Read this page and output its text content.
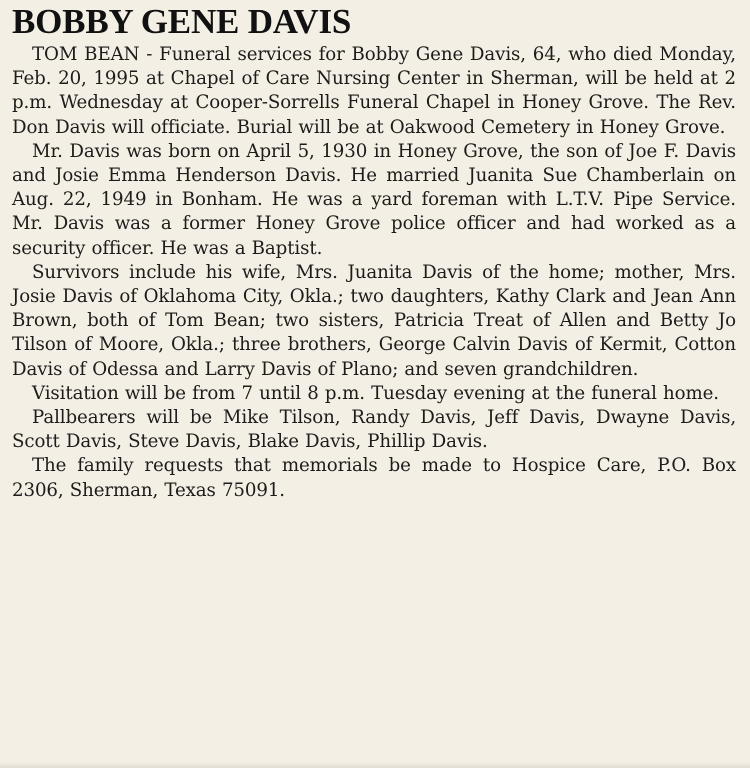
BOBBY GENE DAVIS

TOM BEAN - Funeral services for Bobby Gene Davis, 64, who died Monday, Feb. 20, 1995 at Chapel of Care Nursing Center in Sherman, will be held at 2 p.m. Wednesday at Cooper-Sorrells Funeral Chapel in Honey Grove. The Rev. Don Davis will officiate. Burial will be at Oakwood Cemetery in Honey Grove.

Mr. Davis was born on April 5, 1930 in Honey Grove, the son of Joe F. Davis and Josie Emma Henderson Davis. He married Juanita Sue Chamberlain on Aug. 22, 1949 in Bonham. He was a yard foreman with L.T.V. Pipe Service. Mr. Davis was a former Honey Grove police officer and had worked as a security officer. He was a Baptist.

Survivors include his wife, Mrs. Juanita Davis of the home; mother, Mrs. Josie Davis of Oklahoma City, Okla.; two daughters, Kathy Clark and Jean Ann Brown, both of Tom Bean; two sisters, Patricia Treat of Allen and Betty Jo Tilson of Moore, Okla.; three brothers, George Calvin Davis of Kermit, Cotton Davis of Odessa and Larry Davis of Plano; and seven grandchildren.

Visitation will be from 7 until 8 p.m. Tuesday evening at the funeral home.

Pallbearers will be Mike Tilson, Randy Davis, Jeff Davis, Dwayne Davis, Scott Davis, Steve Davis, Blake Davis, Phillip Davis.

The family requests that memorials be made to Hospice Care, P.O. Box 2306, Sherman, Texas 75091.
